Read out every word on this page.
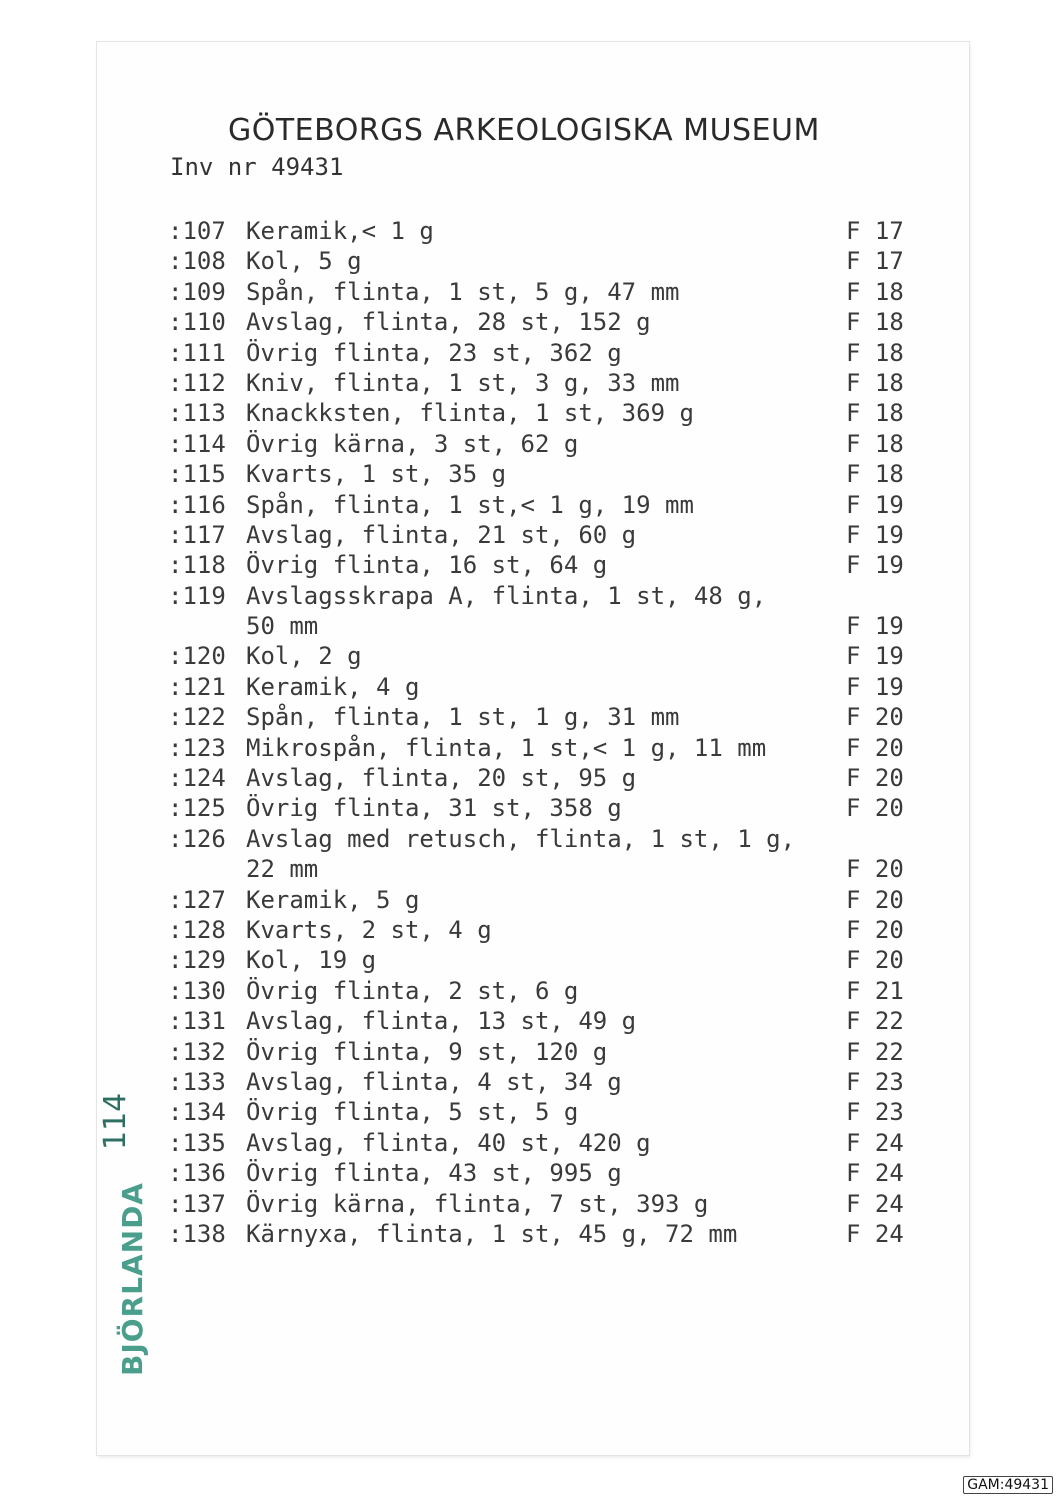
GÖTEBORGS ARKEOLOGISKA MUSEUM
Inv nr 49431
:107 Keramik,< 1 g	F 17
:108 Kol, 5 g	F 17
:109 Spån, flinta, 1 st, 5 g, 47 mm	F 18
:110 Avslag, flinta, 28 st, 152 g	F 18
:111 Övrig flinta, 23 st, 362 g	F 18
:112 Kniv, flinta, 1 st, 3 g, 33 mm	F 18
:113 Knackksten, flinta, 1 st, 369 g	F 18
:114 Övrig kärna, 3 st, 62 g	F 18
:115 Kvarts, 1 st, 35 g	F 18
:116 Spån, flinta, 1 st,< 1 g, 19 mm	F 19
:117 Avslag, flinta, 21 st, 60 g	F 19
:118 Övrig flinta, 16 st, 64 g	F 19
:119 Avslagsskrapa A, flinta, 1 st, 48 g,
50 mm	F 19
:120 Kol, 2 g	F 19
:121 Keramik, 4 g	F 19
:122 Spån, flinta, 1 st, 1 g, 31 mm	F 20
:123 Mikrospån, flinta, 1 st,< 1 g, 11 mm	F 20
:124 Avslag, flinta, 20 st, 95 g	F 20
:125 Övrig flinta, 31 st, 358 g	F 20
:126 Avslag med retusch, flinta, 1 st, 1 g,
22 mm	F 20
:127 Keramik, 5 g	F 20
:128 Kvarts, 2 st, 4 g	F 20
:129 Kol, 19 g	F 20
:130 Övrig flinta, 2 st, 6 g	F 21
:131 Avslag, flinta, 13 st, 49 g	F 22
:132 Övrig flinta, 9 st, 120 g	F 22
:133 Avslag, flinta, 4 st, 34 g	F 23
:134 Övrig flinta, 5 st, 5 g	F 23
:135 Avslag, flinta, 40 st, 420 g	F 24
:136 Övrig flinta, 43 st, 995 g	F 24
:137 Övrig kärna, flinta, 7 st, 393 g	F 24
:138 Kärnyxa, flinta, 1 st, 45 g, 72 mm	F 24
BJÖRLANDA
114
GAM:49431
